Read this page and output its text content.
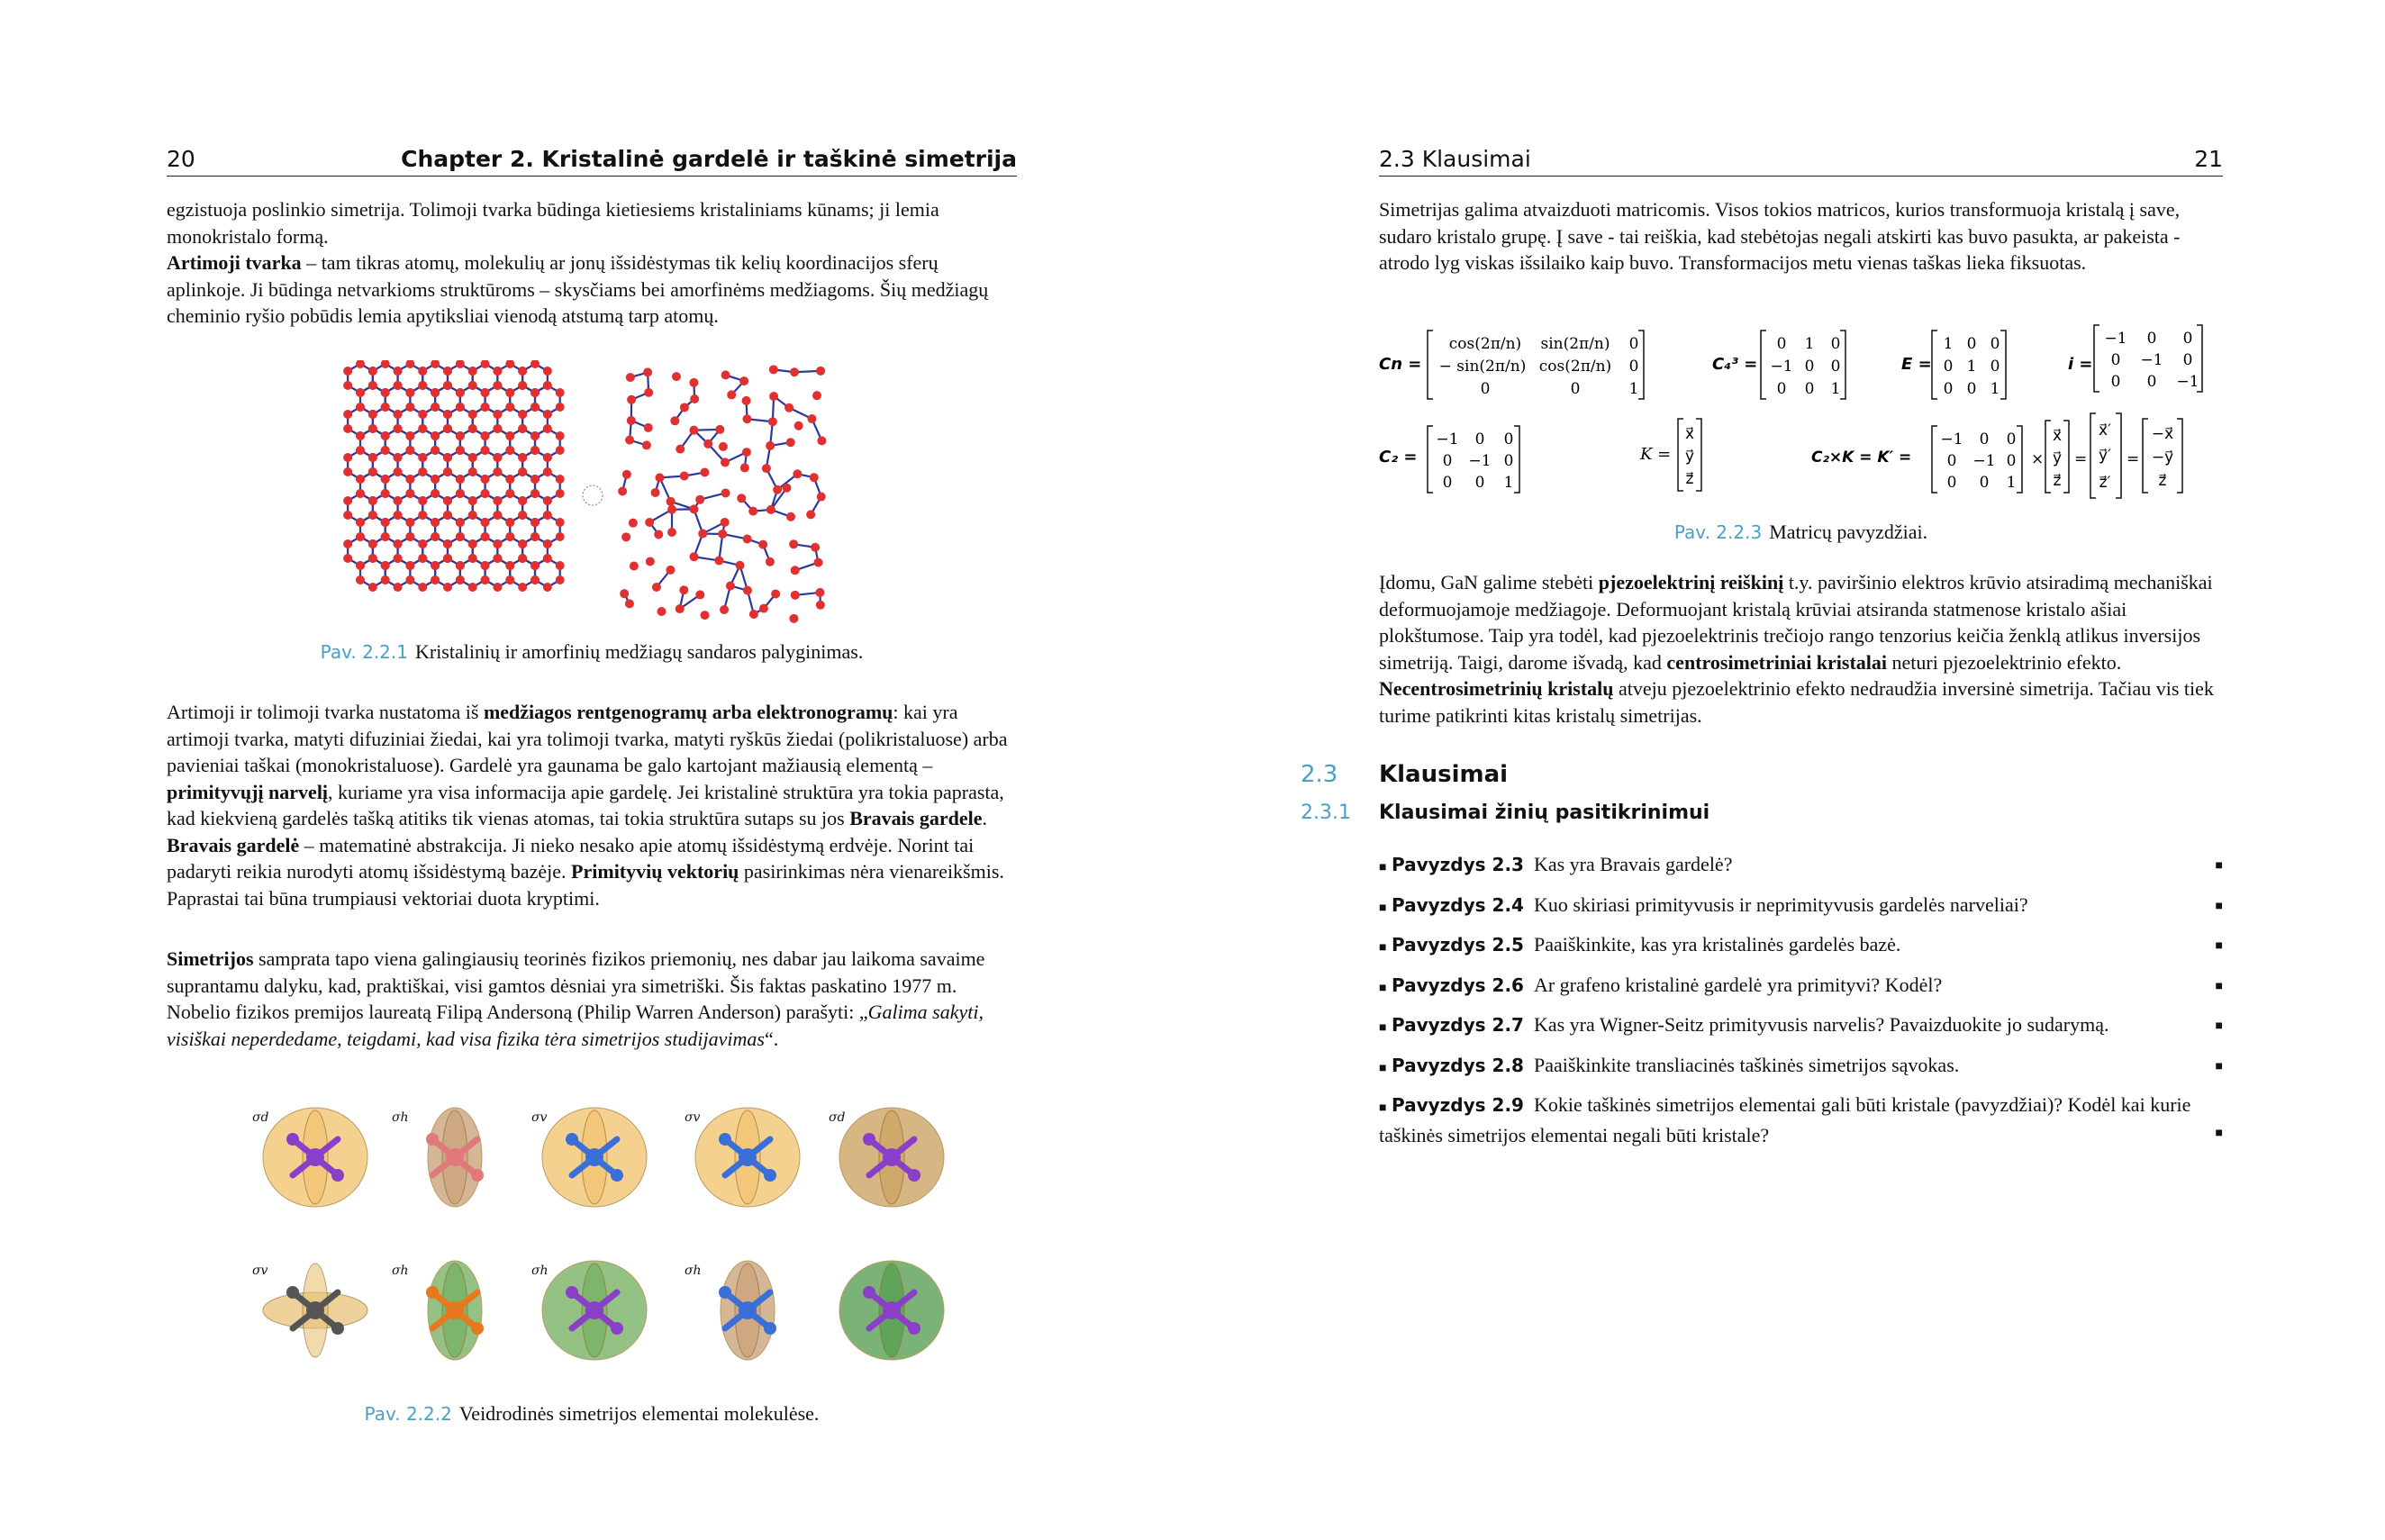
20	Chapter 2. Kristalinė gardelė ir taškinė simetrija

egzistuoja poslinkio simetrija. Tolimoji tvarka būdinga kietiesiems kristaliniams kūnams; ji lemia monokristalo formą.

Artimoji tvarka – tam tikras atomų, molekulių ar jonų išsidėstymas tik kelių koordinacijos sferų aplinkoje. Ji būdinga netvarkioms struktūroms – skysčiams bei amorfinėms medžiagoms. Šių medžiagų cheminio ryšio pobūdis lemia apytiksliai vienodą atstumą tarp atomų.

Pav. 2.2.1 Kristalinių ir amorfinių medžiagų sandaros palyginimas.

Artimoji ir tolimoji tvarka nustatoma iš medžiagos rentgenogramų arba elektronogramų: kai yra artimoji tvarka, matyti difuziniai žiedai, kai yra tolimoji tvarka, matyti ryškūs žiedai (polikristaluose) arba pavieniai taškai (monokristaluose). Gardelė yra gaunama be galo kartojant mažiausią elementą – primityvųjį narvelį, kuriame yra visa informacija apie gardelę. Jei kristalinė struktūra yra tokia paprasta, kad kiekvieną gardelės tašką atitiks tik vienas atomas, tai tokia struktūra sutaps su jos Bravais gardele. Bravais gardelė – matematinė abstrakcija. Ji nieko nesako apie atomų išsidėstymą erdvėje. Norint tai padaryti reikia nurodyti atomų išsidėstymą bazėje. Primityvių vektorių pasirinkimas nėra vienareikšmis. Paprastai tai būna trumpiausi vektoriai duota kryptimi.

Simetrijos samprata tapo viena galingiausių teorinės fizikos priemonių, nes dabar jau laikoma savaime suprantamu dalyku, kad, praktiškai, visi gamtos dėsniai yra simetriški. Šis faktas paskatino 1977 m. Nobelio fizikos premijos laureatą Filipą Andersoną (Philip Warren Anderson) parašyti: „Galima sakyti, visiškai neperdedame, teigdami, kad visa fizika tėra simetrijos studijavimas“.

σd	σh	σv	σv	σd
σv	σh	σh	σh
Pav. 2.2.2 Veidrodinės simetrijos elementai molekulėse.
2.3 Klausimai	21

Simetrijas galima atvaizduoti matricomis. Visos tokios matricos, kurios transformuoja kristalą į save, sudaro kristalo grupę. Į save - tai reiškia, kad stebėtojas negali atskirti kas buvo pasukta, ar pakeista - atrodo lyg viskas išsilaiko kaip buvo. Transformacijos metu vienas taškas lieka fiksuotas.

Cn =
cos(2π/n) sin(2π/n) 0
− sin(2π/n) cos(2π/n) 0
0	0	1
C₄³ =
0 1 0
−1 0 0
0 0 1
E =
1 0 0
0 1 0
0 0 1
i =
−1 0 0
0 −1 0
0 0 −1
C₂ =
−1 0 0
0 −1 0
0 0 1
K =
x⃗
y⃗
z⃗
C₂×K = K′ =
−1 0 0
0 −1 0
0 0 1
×
x⃗
y⃗
z⃗
=
x⃗′
y⃗′
z⃗′
=
−x⃗
−y⃗
z⃗
Pav. 2.2.3 Matricų pavyzdžiai.

Įdomu, GaN galime stebėti pjezoelektrinį reiškinį t.y. paviršinio elektros krūvio atsiradimą mechaniškai deformuojamoje medžiagoje. Deformuojant kristalą krūviai atsiranda statmenose kristalo ašiai plokštumose. Taip yra todėl, kad pjezoelektrinis trečiojo rango tenzorius keičia ženklą atlikus inversijos simetriją. Taigi, darome išvadą, kad centrosimetriniai kristalai neturi pjezoelektrinio efekto. Necentrosimetrinių kristalų atveju pjezoelektrinio efekto nedraudžia inversinė simetrija. Tačiau vis tiek turime patikrinti kitas kristalų simetrijas.

2.3 Klausimai
2.3.1 Klausimai žinių pasitikrinimui
■ Pavyzdys 2.3 Kas yra Bravais gardelė?	■
■ Pavyzdys 2.4 Kuo skiriasi primityvusis ir neprimityvusis gardelės narveliai?	■
■ Pavyzdys 2.5 Paaiškinkite, kas yra kristalinės gardelės bazė.	■
■ Pavyzdys 2.6 Ar grafeno kristalinė gardelė yra primityvi? Kodėl?	■
■ Pavyzdys 2.7 Kas yra Wigner-Seitz primityvusis narvelis? Pavaizduokite jo sudarymą.	■
■ Pavyzdys 2.8 Paaiškinkite transliacinės taškinės simetrijos sąvokas.	■
■ Pavyzdys 2.9 Kokie taškinės simetrijos elementai gali būti kristale (pavyzdžiai)? Kodėl kai kurie taškinės simetrijos elementai negali būti kristale?	■
